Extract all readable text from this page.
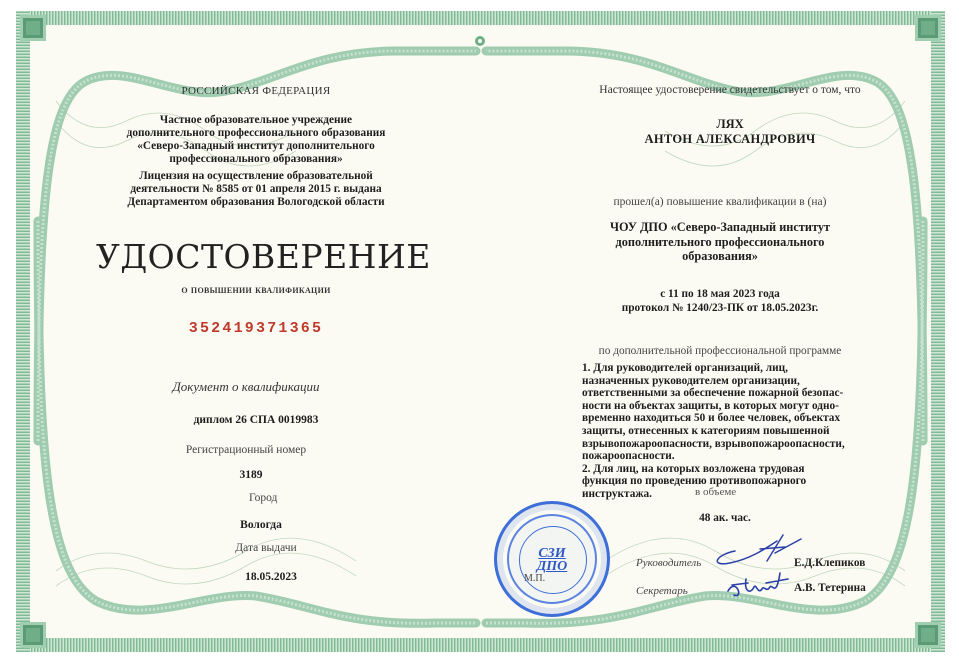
РОССИЙСКАЯ ФЕДЕРАЦИЯ
Частное образовательное учреждение
дополнительного профессионального образования
«Северо-Западный институт дополнительного
профессионального образования»
Лицензия на осуществление образовательной
деятельности № 8585 от 01 апреля 2015 г. выдана
Департаментом образования Вологодской области
УДОСТОВЕРЕНИЕ
о повышении квалификации
352419371365
Документ о квалификации
диплом 26 СПА 0019983
Регистрационный номер
3189
Город
Вологда
Дата выдачи
18.05.2023
Настоящее удостоверение свидетельствует о том, что
ЛЯХ
АНТОН АЛЕКСАНДРОВИЧ
прошел(а) повышение квалификации в (на)
ЧОУ ДПО «Северо-Западный институт
дополнительного профессионального
образования»
с 11 по 18 мая 2023 года
протокол № 1240/23-ПК от 18.05.2023г.
по дополнительной профессиональной программе
1. Для руководителей организаций, лиц,
назначенных руководителем организации,
ответственными за обеспечение пожарной безопас-
ности на объектах защиты, в которых могут одно-
временно находиться 50 и более человек, объектах
защиты, отнесенных к категориям повышенной
взрывопожароопасности, взрывопожароопасности,
пожароопасности.
2. Для лиц, на которых возложена трудовая
функция по проведению противопожарного
инструктажа.	в объеме
48 ак. час.
СЗИ
ДПО
М.П.
Руководитель	Е.Д.Клепиков
Секретарь	А.В. Тетерина
